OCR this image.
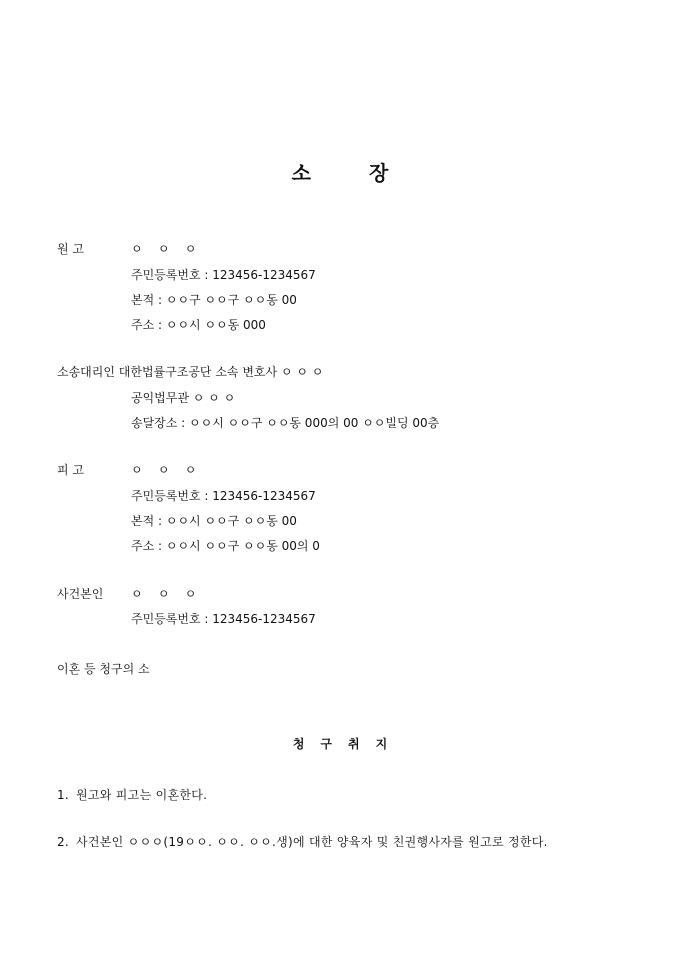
소	장
원 고	ㅇ    ㅇ    ㅇ
주민등록번호 : 123456-1234567
본적 : ㅇㅇ구 ㅇㅇ구 ㅇㅇ동 00
주소 : ㅇㅇ시 ㅇㅇ동 000
소송대리인 대한법률구조공단 소속 변호사 ㅇ ㅇ ㅇ
공익법무관 ㅇ ㅇ ㅇ
송달장소 : ㅇㅇ시 ㅇㅇ구 ㅇㅇ동 000의 00 ㅇㅇ빌딩 00층
피 고	ㅇ    ㅇ    ㅇ
주민등록번호 : 123456-1234567
본적 : ㅇㅇ시 ㅇㅇ구 ㅇㅇ동 00
주소 : ㅇㅇ시 ㅇㅇ구 ㅇㅇ동 00의 0
사건본인 ㅇ    ㅇ    ㅇ
주민등록번호 : 123456-1234567
이혼 등 청구의 소
청 구 취 지
1. 원고와 피고는 이혼한다.
2. 사건본인 ㅇㅇㅇ(19ㅇㅇ. ㅇㅇ. ㅇㅇ.생)에 대한 양육자 및 친권행사자를 원고로 정한다.
